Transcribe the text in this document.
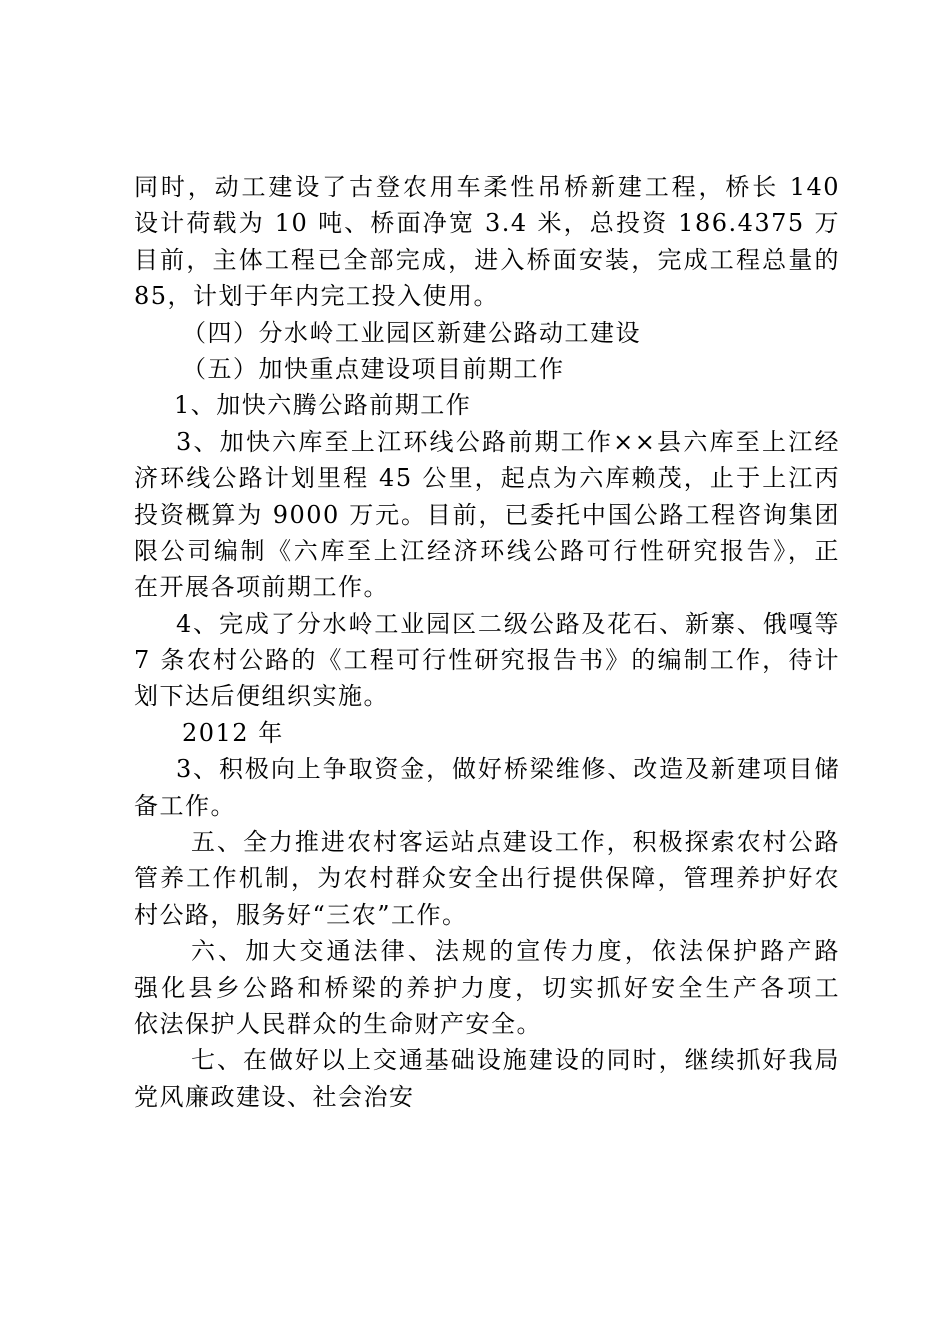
同时，动工建设了古登农用车柔性吊桥新建工程，桥长 140
设计荷载为 10 吨、桥面净宽 3.4 米，总投资 186.4375 万
目前，主体工程已全部完成，进入桥面安装，完成工程总量的
85，计划于年内完工投入使用。
（四）分水岭工业园区新建公路动工建设
（五）加快重点建设项目前期工作
1、加快六腾公路前期工作
3、加快六库至上江环线公路前期工作××县六库至上江经
济环线公路计划里程 45 公里，起点为六库赖茂，止于上江丙
投资概算为 9000 万元。目前，已委托中国公路工程咨询集团
限公司编制《六库至上江经济环线公路可行性研究报告》，正
在开展各项前期工作。
4、完成了分水岭工业园区二级公路及花石、新寨、俄嘎等
7 条农村公路的《工程可行性研究报告书》的编制工作，待计
划下达后便组织实施。
2012 年
3、积极向上争取资金，做好桥梁维修、改造及新建项目储
备工作。
五、全力推进农村客运站点建设工作，积极探索农村公路
管养工作机制，为农村群众安全出行提供保障，管理养护好农
村公路，服务好“三农”工作。
六、加大交通法律、法规的宣传力度，依法保护路产路
强化县乡公路和桥梁的养护力度，切实抓好安全生产各项工
依法保护人民群众的生命财产安全。
七、在做好以上交通基础设施建设的同时，继续抓好我局
党风廉政建设、社会治安
